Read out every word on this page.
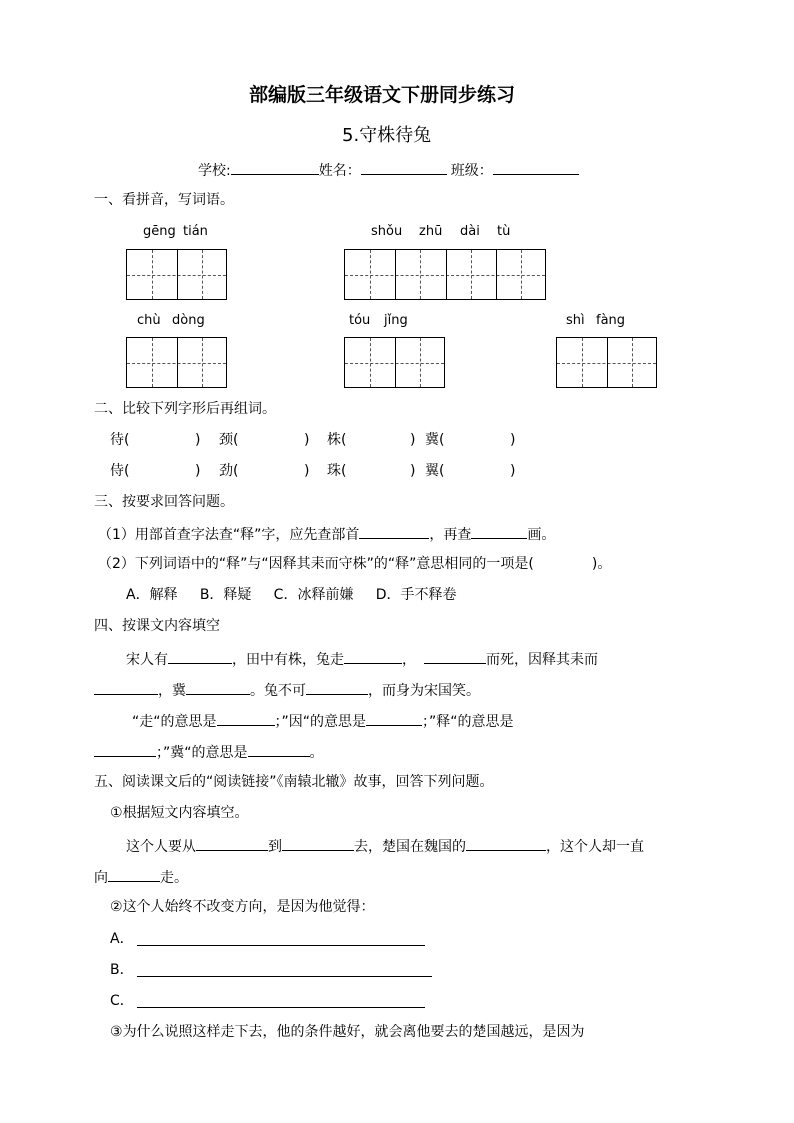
部编版三年级语文下册同步练习
5.守株待兔
学校:	姓名：	班级：
一、看拼音，写词语。
gēng tián	shǒu zhū dài tù
chù dòng	tóu jǐng	shì fàng
二、比较下列字形后再组词。
待(	) 颈(	) 株(	) 冀(	)
侍(	) 劲(	) 珠(	) 翼(	)
三、按要求回答问题。
（1）用部首查字法查“释”字，应先查部首	，再查	画。
（2）下列词语中的“释”与“因释其耒而守株”的“释”意思相同的一项是(	)。
A．解释     B．释疑     C．冰释前嫌     D．手不释卷
四、按课文内容填空
宋人有	，田中有株，兔走	，	而死，因释其耒而
，冀	。兔不可	，而身为宋国笑。
“走“的意思是	；”因“的意思是	；”释“的意思是
；”冀“的意思是	。
五、阅读课文后的“阅读链接”《南辕北辙》故事，回答下列问题。
①根据短文内容填空。
这个人要从	到	去，楚国在魏国的	，这个人却一直
向	走。
②这个人始终不改变方向，是因为他觉得：
A．
B．
C．
③为什么说照这样走下去，他的条件越好，就会离他要去的楚国越远，是因为
